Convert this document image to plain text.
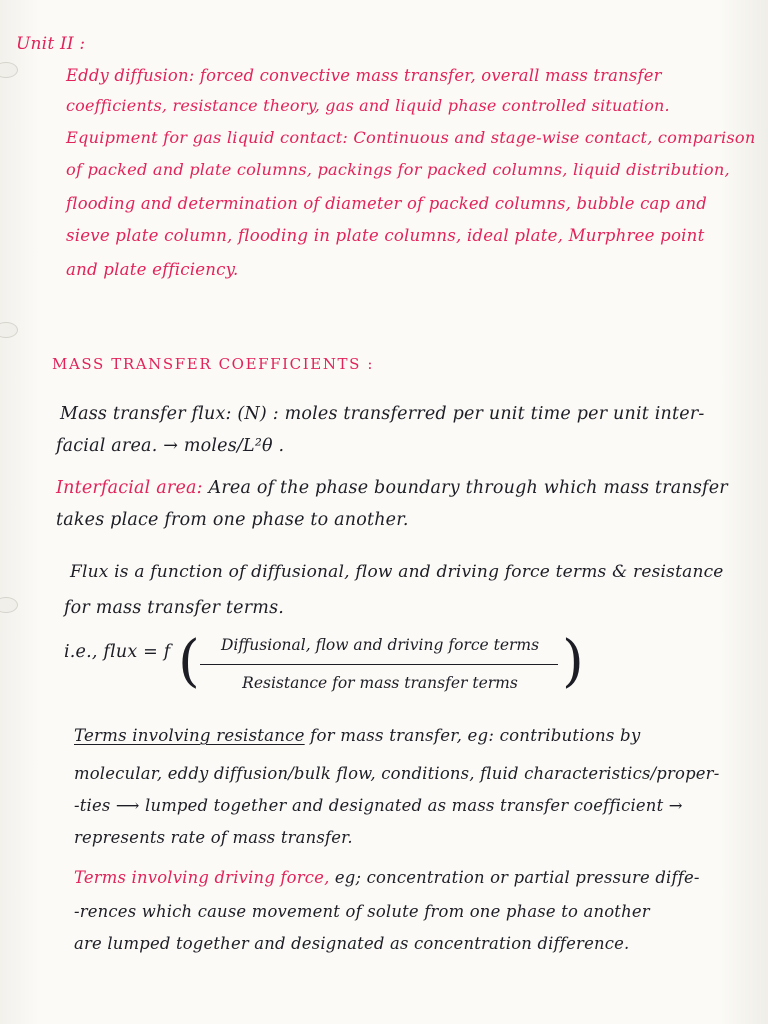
Unit II :
Eddy diffusion: forced convective mass transfer, overall mass transfer
coefficients, resistance theory, gas and liquid phase controlled situation.
Equipment for gas liquid contact: Continuous and stage-wise contact, comparison
of packed and plate columns, packings for packed columns, liquid distribution,
flooding and determination of diameter of packed columns, bubble cap and
sieve plate column, flooding in plate columns, ideal plate, Murphree point
and plate efficiency.
MASS TRANSFER COEFFICIENTS :
Mass transfer flux: (N) : moles transferred per unit time per unit inter-
facial area. → moles/L²θ .
Interfacial area: Area of the phase boundary through which mass transfer
takes place from one phase to another.
Flux is a function of diffusional, flow and driving force terms & resistance
for mass transfer terms.
i.e., flux = f (	Diffusional, flow and driving force terms
Resistance for mass transfer terms )
Terms involving resistance for mass transfer, eg: contributions by
molecular, eddy diffusion/bulk flow, conditions, fluid characteristics/proper-
-ties ⟶ lumped together and designated as mass transfer coefficient →
represents rate of mass transfer.
Terms involving driving force, eg; concentration or partial pressure diffe-
-rences which cause movement of solute from one phase to another
are lumped together and designated as concentration difference.
